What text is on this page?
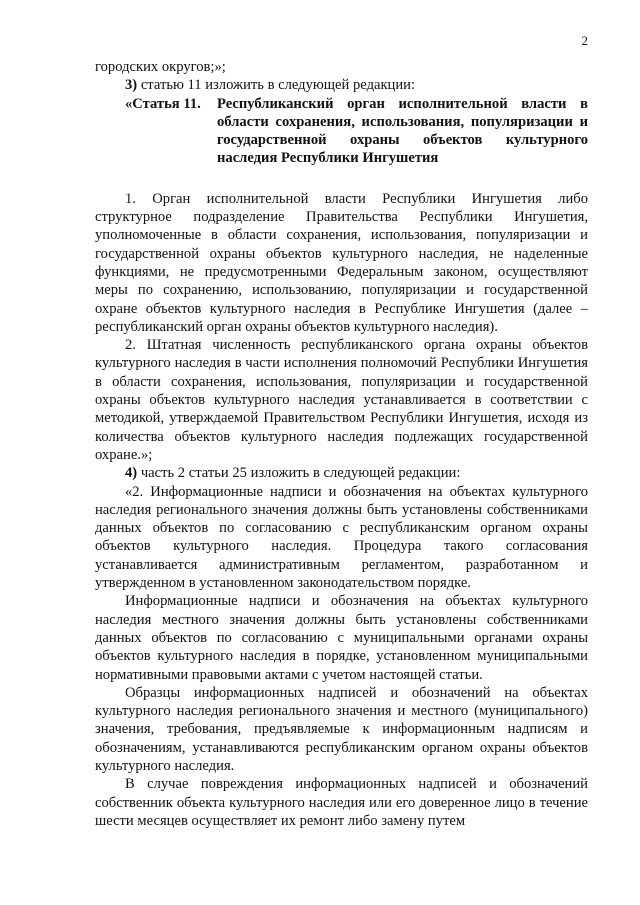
2

городских округов;»;

3) статью 11 изложить в следующей редакции:

«Статья 11.	Республиканский орган исполнительной власти в области сохранения, использования, популяризации и государственной охраны объектов культурного наследия Республики Ингушетия

1. Орган исполнительной власти Республики Ингушетия либо структурное подразделение Правительства Республики Ингушетия, уполномоченные в области сохранения, использования, популяризации и государственной охраны объектов культурного наследия, не наделенные функциями, не предусмотренными Федеральным законом, осуществляют меры по сохранению, использованию, популяризации и государственной охране объектов культурного наследия в Республике Ингушетия (далее – республиканский орган охраны объектов культурного наследия).

2. Штатная численность республиканского органа охраны объектов культурного наследия в части исполнения полномочий Республики Ингушетия в области сохранения, использования, популяризации и государственной охраны объектов культурного наследия устанавливается в соответствии с методикой, утверждаемой Правительством Республики Ингушетия, исходя из количества объектов культурного наследия подлежащих государственной охране.»;

4) часть 2 статьи 25 изложить в следующей редакции:

«2. Информационные надписи и обозначения на объектах культурного наследия регионального значения должны быть установлены собственниками данных объектов по согласованию с республиканским органом охраны объектов культурного наследия. Процедура такого согласования устанавливается административным регламентом, разработанном и утвержденном в установленном законодательством порядке.

Информационные надписи и обозначения на объектах культурного наследия местного значения должны быть установлены собственниками данных объектов по согласованию с муниципальными органами охраны объектов культурного наследия в порядке, установленном муниципальными нормативными правовыми актами с учетом настоящей статьи.

Образцы информационных надписей и обозначений на объектах культурного наследия регионального значения и местного (муниципального) значения, требования, предъявляемые к информационным надписям и обозначениям, устанавливаются республиканским органом охраны объектов культурного наследия.

В случае повреждения информационных надписей и обозначений собственник объекта культурного наследия или его доверенное лицо в течение шести месяцев осуществляет их ремонт либо замену путем
